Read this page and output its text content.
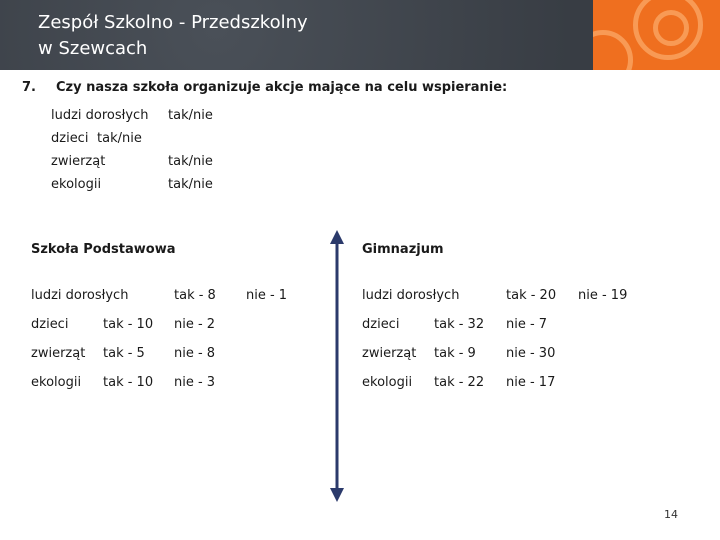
Zespół Szkolno - Przedszkolny
w Szewcach
7. Czy nasza szkoła organizuje akcje mające na celu wspieranie:
ludzi dorosłych tak/nie
dzieci tak/nie
zwierząt	tak/nie
ekologii	tak/nie
Szkoła Podstawowa
ludzi dorosłych	tak - 8 nie - 1
dzieci	tak - 10 nie - 2
zwierząt tak - 5 nie - 8
ekologii tak - 10 nie - 3
Gimnazjum
ludzi dorosłych	tak - 20 nie - 19
dzieci	tak - 32 nie - 7
zwierząt tak - 9 nie - 30
ekologii tak - 22 nie - 17
14
